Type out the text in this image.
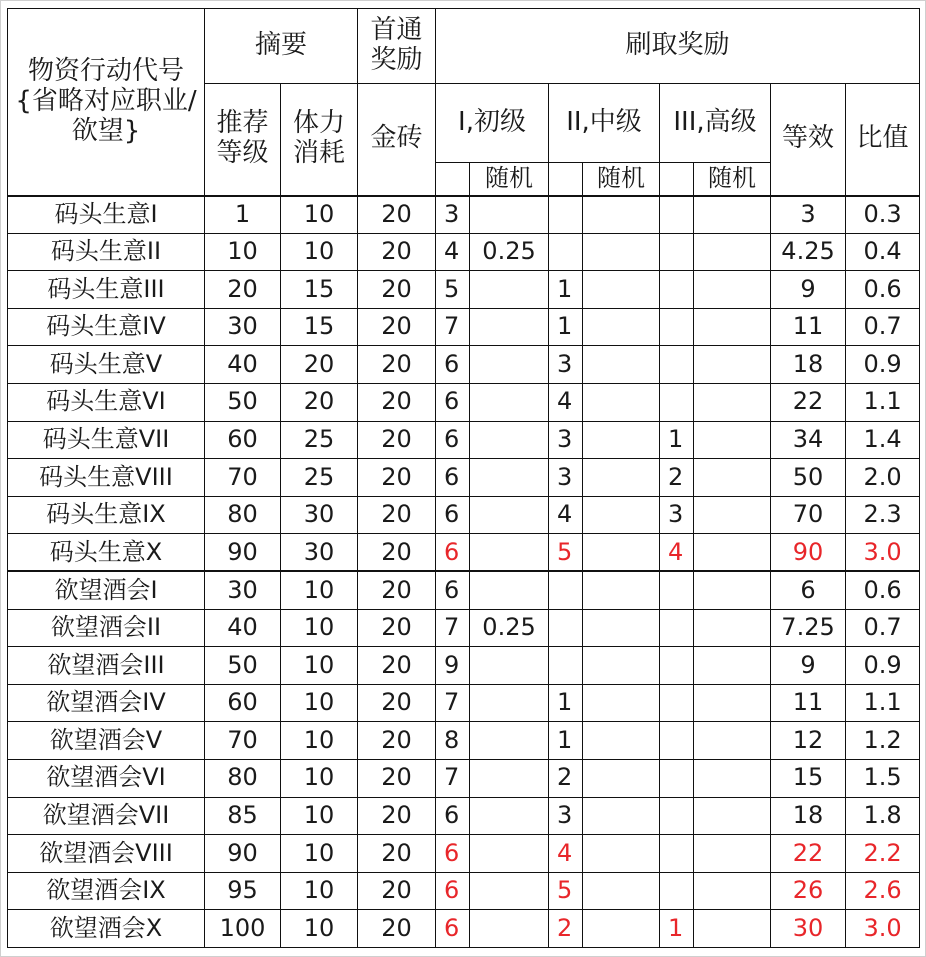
物资行动代号{省略对应职业/欲望}	摘要		首通奖励	刷取奖励							
	推荐等级	体力消耗	金砖	I,初级		II,中级		III,高级		等效	比值
					随机		随机		随机		
码头生意I	1	10	20	3						3	0.3
码头生意II	10	10	20	4	0.25					4.25	0.4
码头生意III	20	15	20	5		1				9	0.6
码头生意IV	30	15	20	7		1				11	0.7
码头生意V	40	20	20	6		3				18	0.9
码头生意VI	50	20	20	6		4				22	1.1
码头生意VII	60	25	20	6		3		1		34	1.4
码头生意VIII	70	25	20	6		3		2		50	2.0
码头生意IX	80	30	20	6		4		3		70	2.3
码头生意X	90	30	20	6		5		4		90	3.0
欲望酒会I	30	10	20	6						6	0.6
欲望酒会II	40	10	20	7	0.25					7.25	0.7
欲望酒会III	50	10	20	9						9	0.9
欲望酒会IV	60	10	20	7		1				11	1.1
欲望酒会V	70	10	20	8		1				12	1.2
欲望酒会VI	80	10	20	7		2				15	1.5
欲望酒会VII	85	10	20	6		3				18	1.8
欲望酒会VIII	90	10	20	6		4				22	2.2
欲望酒会IX	95	10	20	6		5				26	2.6
欲望酒会X	100	10	20	6		2		1		30	3.0
